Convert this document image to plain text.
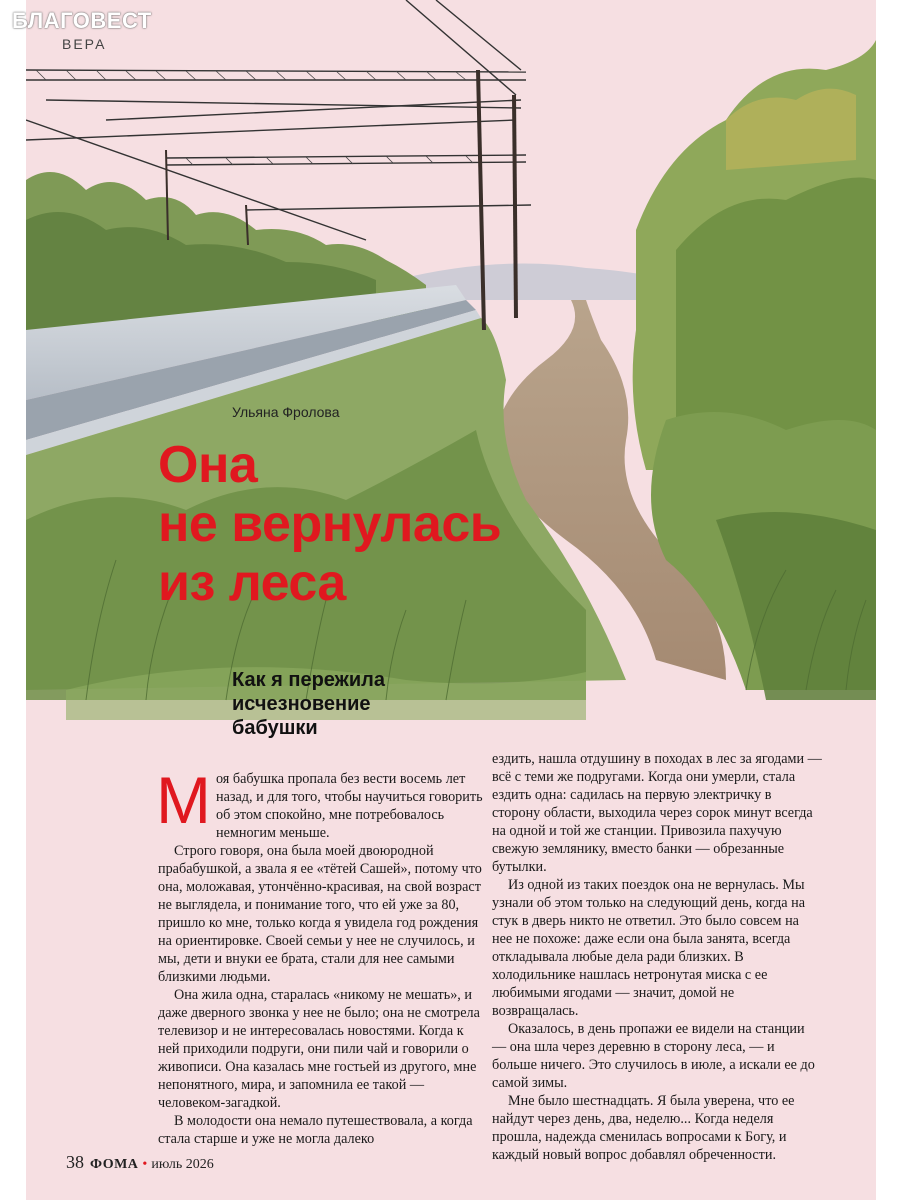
БЛАГОВЕСТ
ВЕРА
Ульяна Фролова
Она
не вернулась
из леса
Как я пережила
исчезновение
бабушки

Моя бабушка пропала без вести восемь лет назад, и для того, чтобы научиться говорить об этом спокойно, мне потребовалось немногим меньше.

Строго говоря, она была моей двоюродной прабабушкой, а звала я ее «тётей Сашей», потому что она, моложавая, утончённо-красивая, на свой возраст не выглядела, и понимание того, что ей уже за 80, пришло ко мне, только когда я увидела год рождения на ориентировке. Своей семьи у нее не случилось, и мы, дети и внуки ее брата, стали для нее самыми близкими людьми.

Она жила одна, старалась «никому не мешать», и даже дверного звонка у нее не было; она не смотрела телевизор и не интересовалась новостями. Когда к ней приходили подруги, они пили чай и говорили о живописи. Она казалась мне гостьей из другого, мне непонятного, мира, и запомнила ее такой — человеком-загадкой.

В молодости она немало путешествовала, а когда стала старше и уже не могла далеко

ездить, нашла отдушину в походах в лес за ягодами — всё с теми же подругами. Когда они умерли, стала ездить одна: садилась на первую электричку в сторону области, выходила через сорок минут всегда на одной и той же станции. Привозила пахучую свежую землянику, вместо банки — обрезанные бутылки.

Из одной из таких поездок она не вернулась. Мы узнали об этом только на следующий день, когда на стук в дверь никто не ответил. Это было совсем на нее не похоже: даже если она была занята, всегда откладывала любые дела ради близких. В холодильнике нашлась нетронутая миска с ее любимыми ягодами — значит, домой не возвращалась.

Оказалось, в день пропажи ее видели на станции — она шла через деревню в сторону леса, — и больше ничего. Это случилось в июле, а искали ее до самой зимы.

Мне было шестнадцать. Я была уверена, что ее найдут через день, два, неделю... Когда неделя прошла, надежда сменилась вопросами к Богу, и каждый новый вопрос добавлял обреченности.

38 ФОМА • июль 2026
